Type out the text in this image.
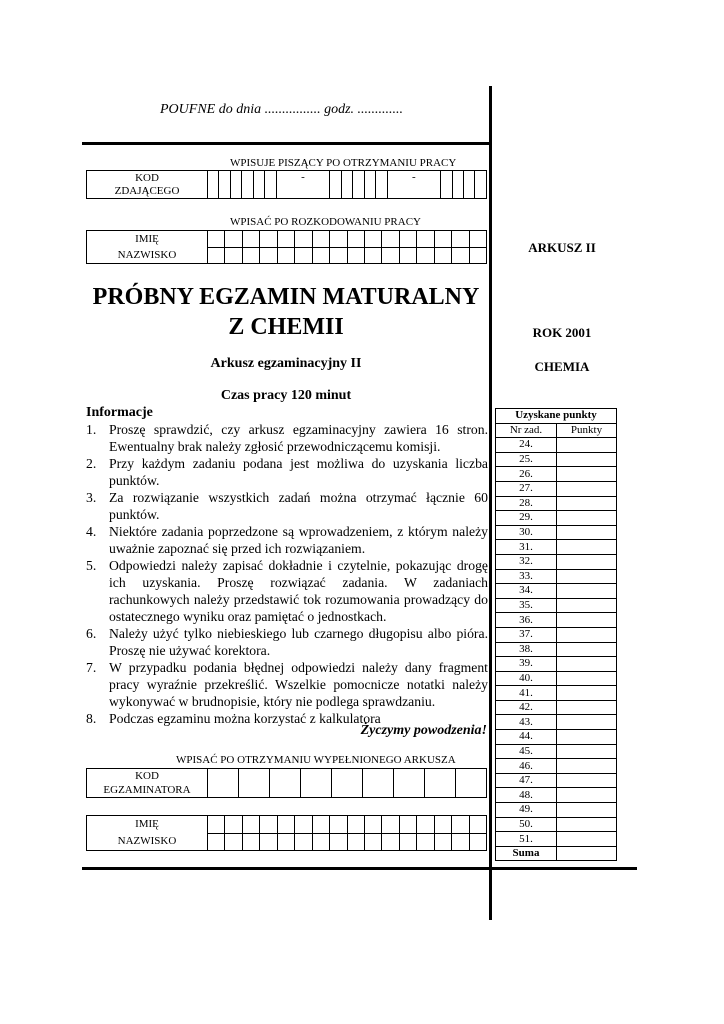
POUFNE do dnia ................ godz. .............
WPISUJE PISZĄCY PO OTRZYMANIU PRACY
KOD
ZDAJĄCEGO							-						-				
WPISAĆ PO ROZKODOWANIU PRACY
IMIĘ
NAZWISKO																

PRÓBNY EGZAMIN MATURALNY
Z CHEMII
Arkusz egzaminacyjny II
Czas pracy 120 minut
Informacje
1. Proszę sprawdzić, czy arkusz egzaminacyjny zawiera 16 stron. Ewentualny brak należy zgłosić przewodniczącemu komisji.
2. Przy każdym zadaniu podana jest możliwa do uzyskania liczba punktów.
3. Za rozwiązanie wszystkich zadań można otrzymać łącznie 60 punktów.
4. Niektóre zadania poprzedzone są wprowadzeniem, z którym należy uważnie zapoznać się przed ich rozwiązaniem.
5. Odpowiedzi należy zapisać dokładnie i czytelnie, pokazując drogę ich uzyskania. Proszę rozwiązać zadania. W zadaniach rachunkowych należy przedstawić tok rozumowania prowadzący do ostatecznego wyniku oraz pamiętać o jednostkach.
6. Należy użyć tylko niebieskiego lub czarnego długopisu albo pióra. Proszę nie używać korektora.
7. W przypadku podania błędnej odpowiedzi należy dany fragment pracy wyraźnie przekreślić. Wszelkie pomocnicze notatki należy wykonywać w brudnopisie, który nie podlega sprawdzaniu.
8. Podczas egzaminu można korzystać z kalkulatora
Życzymy powodzenia!
WPISAĆ PO OTRZYMANIU WYPEŁNIONEGO ARKUSZA
KOD
EGZAMINATORA									
IMIĘ
NAZWISKO																

ARKUSZ II
ROK 2001
CHEMIA
Uzyskane punkty	
Nr zad.	Punkty
24.	
25.	
26.	
27.	
28.	
29.	
30.	
31.	
32.	
33.	
34.	
35.	
36.	
37.	
38.	
39.	
40.	
41.	
42.	
43.	
44.	
45.	
46.	
47.	
48.	
49.	
50.	
51.	
Suma	
